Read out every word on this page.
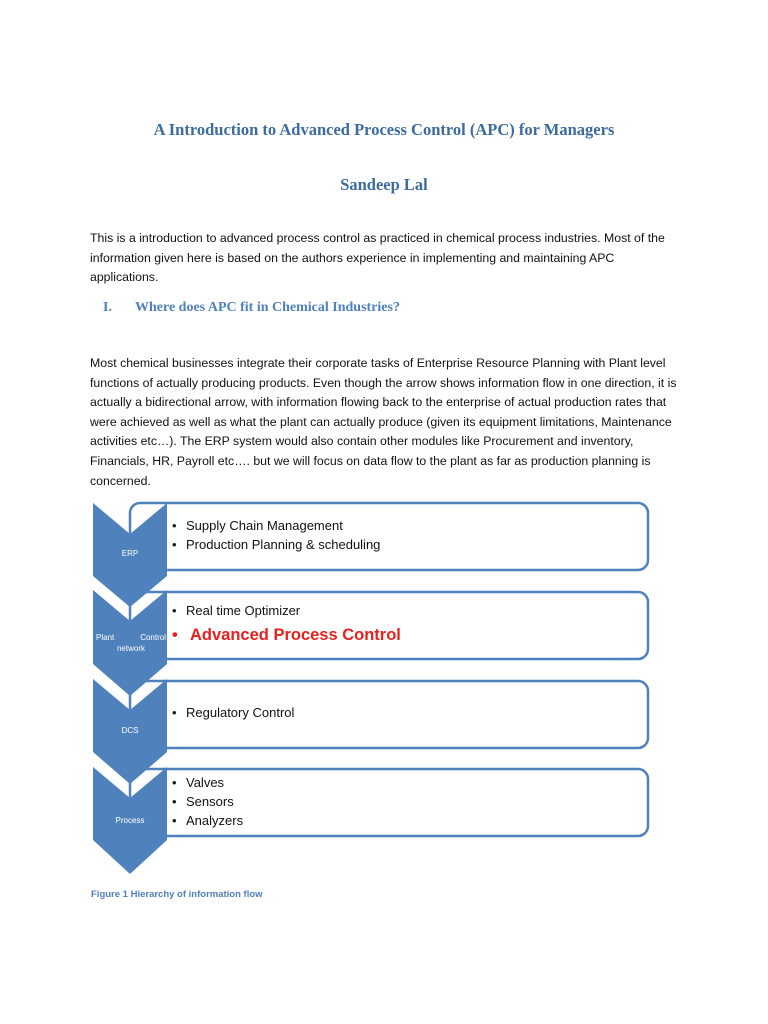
A Introduction to Advanced Process Control (APC) for Managers
Sandeep Lal

This is a introduction to advanced process control as practiced in chemical process industries. Most of the information given here is based on the authors experience in implementing and maintaining APC applications.

I. Where does APC fit in Chemical Industries?

Most chemical businesses integrate their corporate tasks of Enterprise Resource Planning with Plant level functions of actually producing products. Even though the arrow shows information flow in one direction, it is actually a bidirectional arrow, with information flowing back to the enterprise of actual production rates that were achieved as well as what the plant can actually produce (given its equipment limitations, Maintenance activities etc…). The ERP system would also contain other modules like Procurement and inventory, Financials, HR, Payroll etc…. but we will focus on data flow to the plant as far as production planning is concerned.

ERP
Plant	Control
network
DCS
Process
• Supply Chain Management
• Production Planning & scheduling
• Real time Optimizer
• Advanced Process Control
• Regulatory Control
• Valves
• Sensors
• Analyzers
Figure 1 Hierarchy of information flow
